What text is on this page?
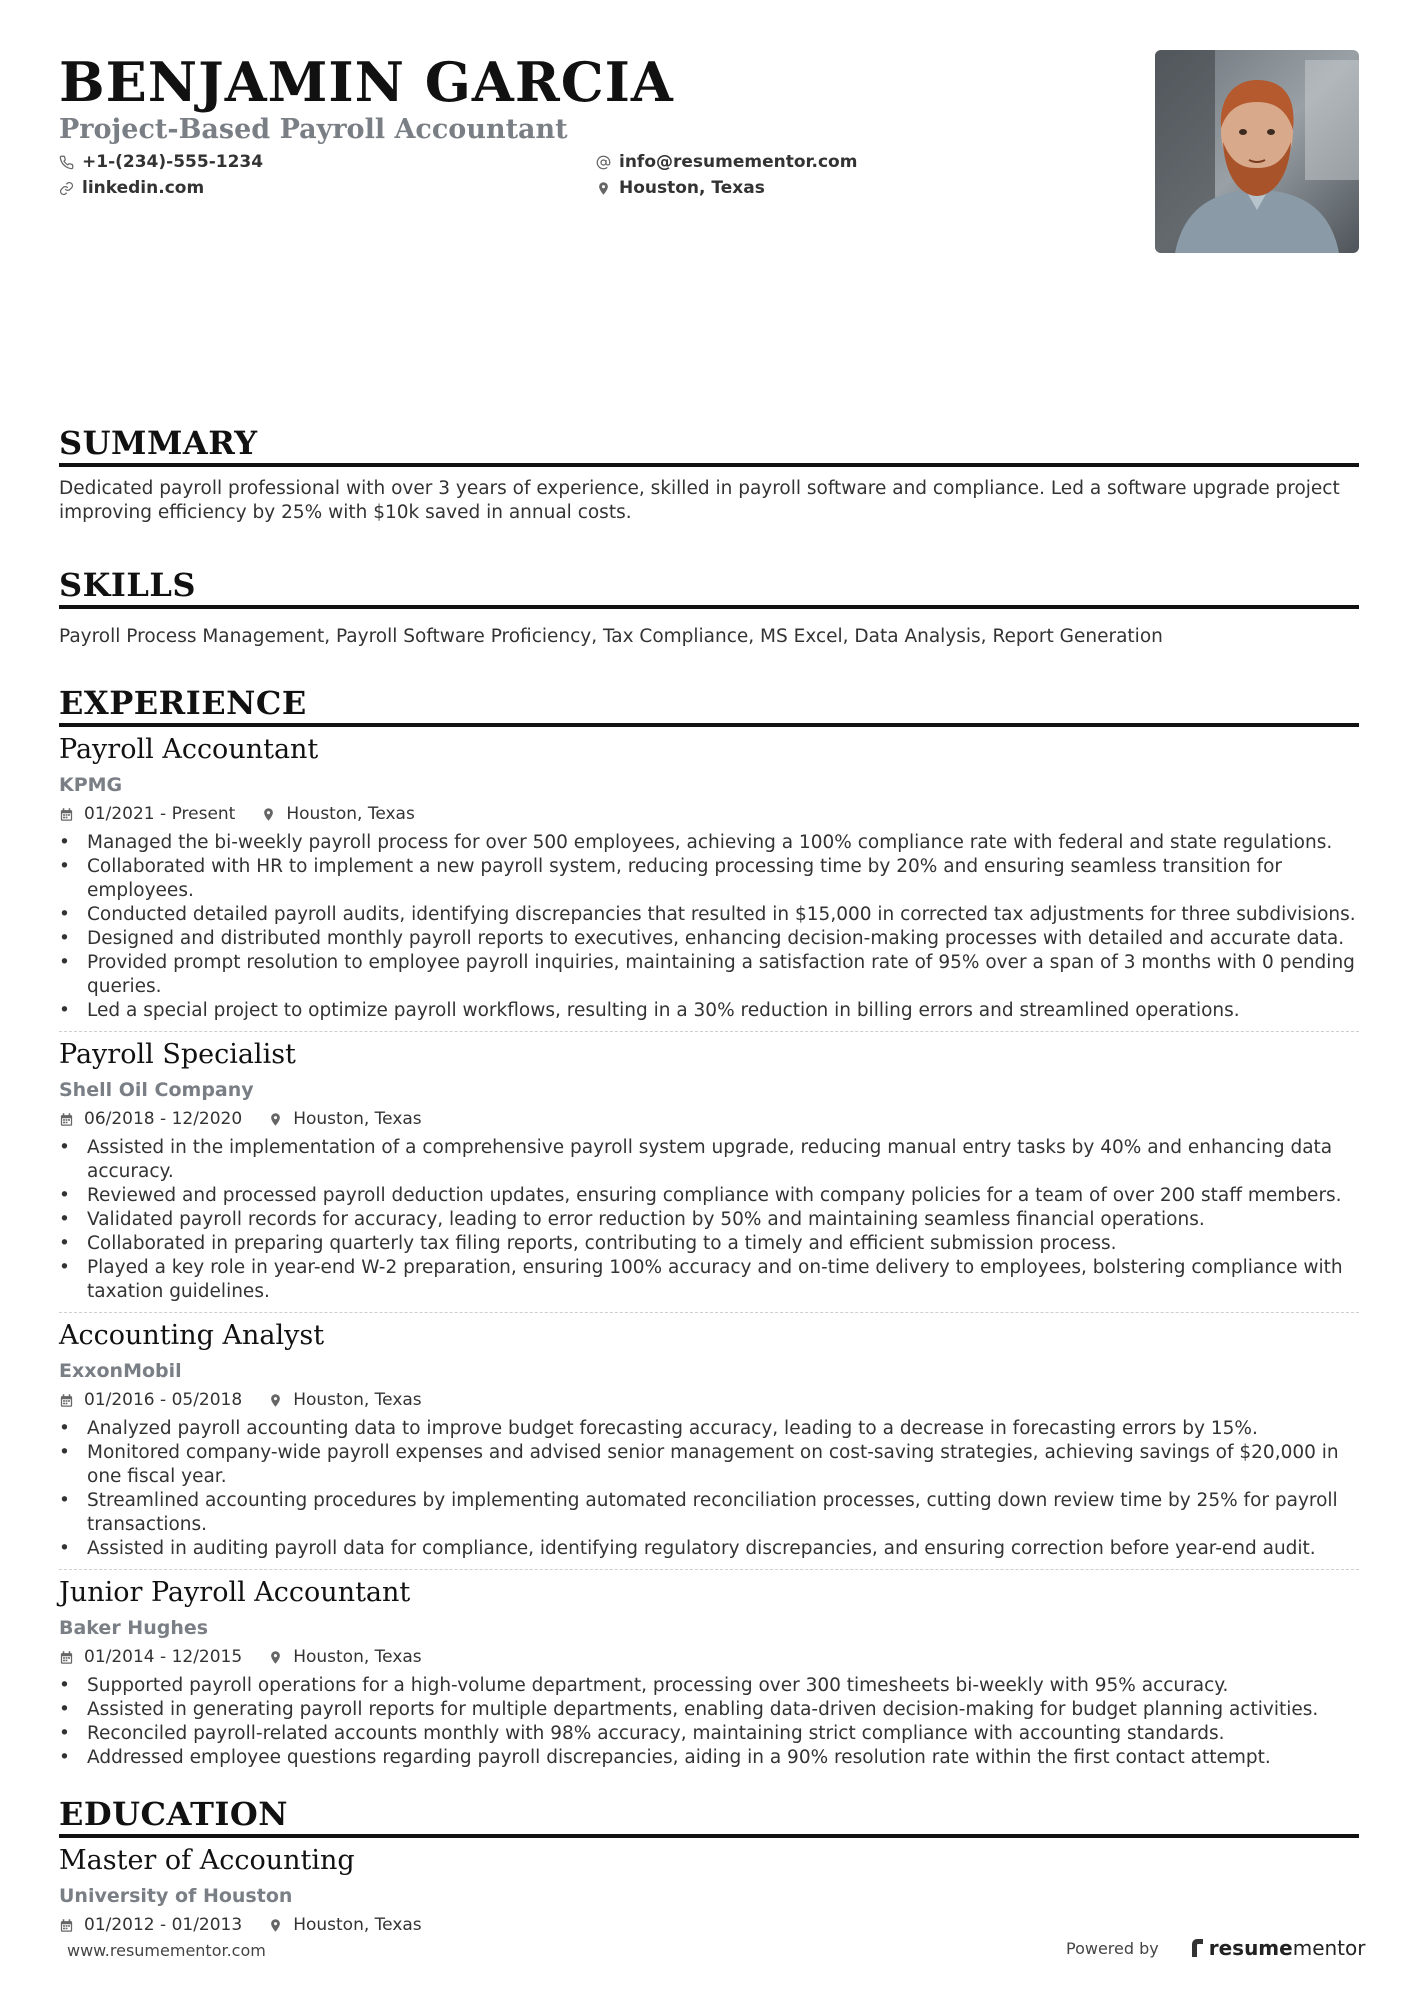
BENJAMIN GARCIA
Project-Based Payroll Accountant
+1-(234)-555-1234	info@resumementor.com
linkedin.com	Houston, Texas
SUMMARY
Dedicated payroll professional with over 3 years of experience, skilled in payroll software and compliance. Led a software upgrade project improving efficiency by 25% with $10k saved in annual costs.
SKILLS
Payroll Process Management, Payroll Software Proficiency, Tax Compliance, MS Excel, Data Analysis, Report Generation
EXPERIENCE
Payroll Accountant
KPMG
01/2021 - Present	Houston, Texas
• Managed the bi-weekly payroll process for over 500 employees, achieving a 100% compliance rate with federal and state regulations.
• Collaborated with HR to implement a new payroll system, reducing processing time by 20% and ensuring seamless transition for employees.
• Conducted detailed payroll audits, identifying discrepancies that resulted in $15,000 in corrected tax adjustments for three subdivisions.
• Designed and distributed monthly payroll reports to executives, enhancing decision-making processes with detailed and accurate data.
• Provided prompt resolution to employee payroll inquiries, maintaining a satisfaction rate of 95% over a span of 3 months with 0 pending queries.
• Led a special project to optimize payroll workflows, resulting in a 30% reduction in billing errors and streamlined operations.
Payroll Specialist
Shell Oil Company
06/2018 - 12/2020	Houston, Texas
• Assisted in the implementation of a comprehensive payroll system upgrade, reducing manual entry tasks by 40% and enhancing data accuracy.
• Reviewed and processed payroll deduction updates, ensuring compliance with company policies for a team of over 200 staff members.
• Validated payroll records for accuracy, leading to error reduction by 50% and maintaining seamless financial operations.
• Collaborated in preparing quarterly tax filing reports, contributing to a timely and efficient submission process.
• Played a key role in year-end W-2 preparation, ensuring 100% accuracy and on-time delivery to employees, bolstering compliance with taxation guidelines.
Accounting Analyst
ExxonMobil
01/2016 - 05/2018	Houston, Texas
• Analyzed payroll accounting data to improve budget forecasting accuracy, leading to a decrease in forecasting errors by 15%.
• Monitored company-wide payroll expenses and advised senior management on cost-saving strategies, achieving savings of $20,000 in one fiscal year.
• Streamlined accounting procedures by implementing automated reconciliation processes, cutting down review time by 25% for payroll transactions.
• Assisted in auditing payroll data for compliance, identifying regulatory discrepancies, and ensuring correction before year-end audit.
Junior Payroll Accountant
Baker Hughes
01/2014 - 12/2015	Houston, Texas
• Supported payroll operations for a high-volume department, processing over 300 timesheets bi-weekly with 95% accuracy.
• Assisted in generating payroll reports for multiple departments, enabling data-driven decision-making for budget planning activities.
• Reconciled payroll-related accounts monthly with 98% accuracy, maintaining strict compliance with accounting standards.
• Addressed employee questions regarding payroll discrepancies, aiding in a 90% resolution rate within the first contact attempt.
EDUCATION
Master of Accounting
University of Houston
01/2012 - 01/2013	Houston, Texas
www.resumementor.com	Powered by	resume mentor
